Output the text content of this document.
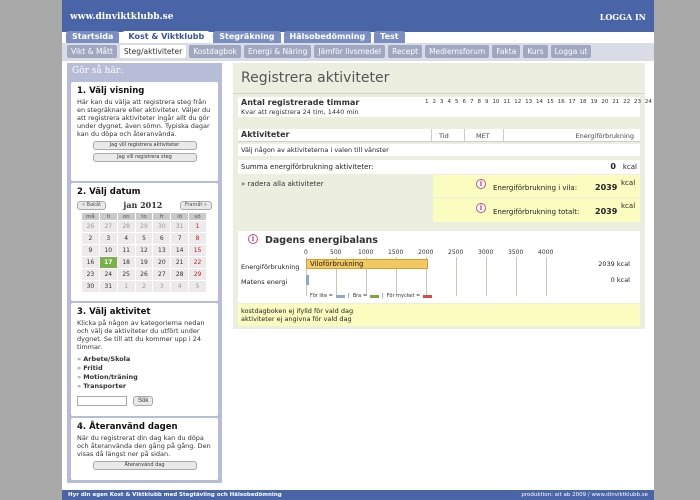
www.dinviktklubb.se	LOGGA IN
Startsida	Kost & Viktklubb	Stegräkning	Hälsobedömning	Test
Vikt & Mått	Steg/aktiviteter	Kostdagbok	Energi & Näring	Jämför livsmedel	Recept	Medlemsforum	Fakta	Kurs	Logga ut
Gör så här:
1. Välj visning

Här kan du välja att registrera steg från en stegräknare eller aktiviteter. Väljer du att registrera aktiviteter ingår allt du gör under dygnet, även sömn. Typiska dagar kan du döpa och återanvända.

Jag vill registrera aktiviteter
Jag vill registrera steg
2. Välj datum
« Bakåt	jan 2012	Framåt »
må	ti	on	to	fr	lö	sö
26	27	28	29	30	31	1
2	3	4	5	6	7	8
9	10	11	12	13	14	15
16	17	18	19	20	21	22
23	24	25	26	27	28	29
30	31	1	2	3	4	5
3. Välj aktivitet

Klicka på någon av kategorierna nedan och välj de aktiviteter du utfört under dygnet. Se till att du kommer upp i 24 timmar.

» Arbete/Skola
» Fritid
» Motion/träning
» Transporter
Sök
4. Återanvänd dagen

När du registrerat din dag kan du döpa och återanvända den gång på gång. Den visas då längst ner på sidan.

Återanvänd dag
Registrera aktiviteter
Antal registrerade timmar
Kvar att registrera 24 tim, 1440 min
1 2 3 4 5 6 7 8 9 10 11 12 13 14 15 16 17 18 19 20 21 22 23 24
Aktiviteter	Tid	MET	Energiförbrukning
Välj någon av aktiviteterna i valen till vänster
Summa energiförbrukning aktiviteter:	0 kcal
» radera alla aktiviteter	i	Energiförbrukning i vila: 2039 kcal
i	Energiförbrukning totalt: 2039
kcal
i	Dagens energibalans
0	500	1000 1500 2000 2500 3000 3500 4000
Energiförbrukning
Matens energi
Viloförbrukning	2039 kcal
0 kcal
För lite =	| Bra =	| För mycket =
kostdagboken ej ifylld för vald dag
aktiviteter ej angivna för vald dag
Hyr din egen Kost & Viktklubb med Stegtävling och Hälsobedömning	produktion: ait ab 2009 / www.dinviktklubb.se
